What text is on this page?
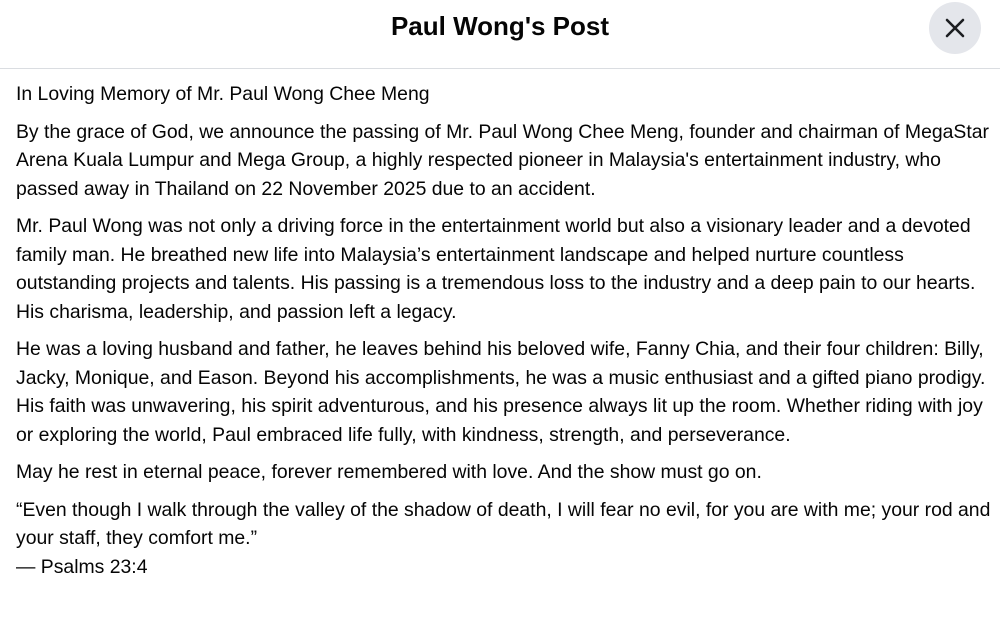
Paul Wong's Post

In Loving Memory of Mr. Paul Wong Chee Meng

By the grace of God, we announce the passing of Mr. Paul Wong Chee Meng, founder and chairman of MegaStar Arena Kuala Lumpur and Mega Group, a highly respected pioneer in Malaysia's entertainment industry, who passed away in Thailand on 22 November 2025 due to an accident.

Mr. Paul Wong was not only a driving force in the entertainment world but also a visionary leader and a devoted family man. He breathed new life into Malaysia’s entertainment landscape and helped nurture countless outstanding projects and talents. His passing is a tremendous loss to the industry and a deep pain to our hearts. His charisma, leadership, and passion left a legacy.

He was a loving husband and father, he leaves behind his beloved wife, Fanny Chia, and their four children: Billy, Jacky, Monique, and Eason. Beyond his accomplishments, he was a music enthusiast and a gifted piano prodigy. His faith was unwavering, his spirit adventurous, and his presence always lit up the room. Whether riding with joy or exploring the world, Paul embraced life fully, with kindness, strength, and perseverance.

May he rest in eternal peace, forever remembered with love. And the show must go on.

“Even though I walk through the valley of the shadow of death, I will fear no evil, for you are with me; your rod and your staff, they comfort me.”
— Psalms 23:4
